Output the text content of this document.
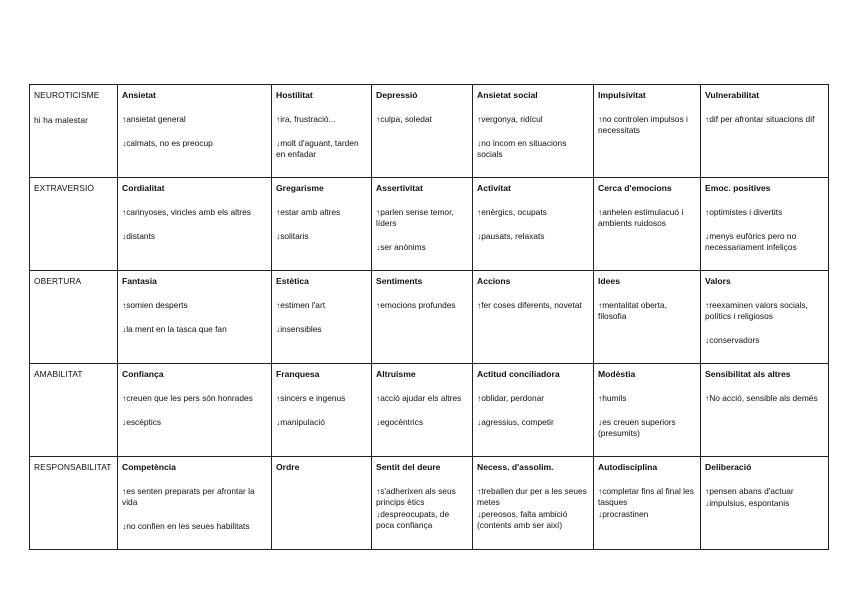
NEUROTICISME
hi ha malestar	Ansietat
↑ansietat general
↓calmats, no es preocup	Hostilitat
↑ira, frustració...
↓molt d'aguant, tarden en enfadar	Depressió
↑culpa, soledat	Ansietat social
↑vergonya, ridícul
↓no incom en situacions socials	Impulsivitat
↑no controlen impulsos i necessitats	Vulnerabilitat
↑dif per afrontar situacions dif

EXTRAVERSIÓ	Cordialitat
↑carinyoses, vincles amb els altres
↓distants	Gregarisme
↑estar amb altres
↓solitaris	Assertivitat
↑parlen sense temor, líders
↓ser anònims	Activitat
↑enèrgics, ocupats
↓pausats, relaxats	Cerca d'emocions
↑anhelen estimulacuó i ambients ruidosos	Emoc. positives
↑optimistes i divertits
↓menys eufòrics pero no necessariament infeliços

OBERTURA	Fantasia
↑somien desperts
↓la ment en la tasca que fan	Estètica
↑estimen l'art
↓insensibles	Sentiments
↑emocions profundes	Accions
↑fer coses diferents, novetat	Idees
↑mentalitat oberta, filosofia	Valors
↑reexaminen valors socials, polítics i religiosos
↓conservadors

AMABILITAT	Confiança
↑creuen que les pers són honrades
↓escèptics	Franquesa
↑sincers e ingenus
↓manipulació	Altruisme
↑acció ajudar els altres
↓egocèntrics	Actitud conciliadora
↑oblidar, perdonar
↓agressius, competir	Modèstia
↑humils
↓es creuen superiors (presumits)	Sensibilitat als altres
↑No acció, sensible als demés

RESPONSABILITAT	Competència
↑es senten preparats per afrontar la vida
↓no confien en les seues habilitats	Ordre	Sentit del deure
↑s'adherixen als seus princips ètics
↓despreocupats, de poca confiança	Necess. d'assolim.
↑treballen dur per a les seues metes
↓pereosos, falta ambició (contents amb ser així)	Autodisciplina
↑completar fins al final les tasques
↓procrastinen	Deliberació
↑pensen abans d'actuar
↓impulsius, espontanis
